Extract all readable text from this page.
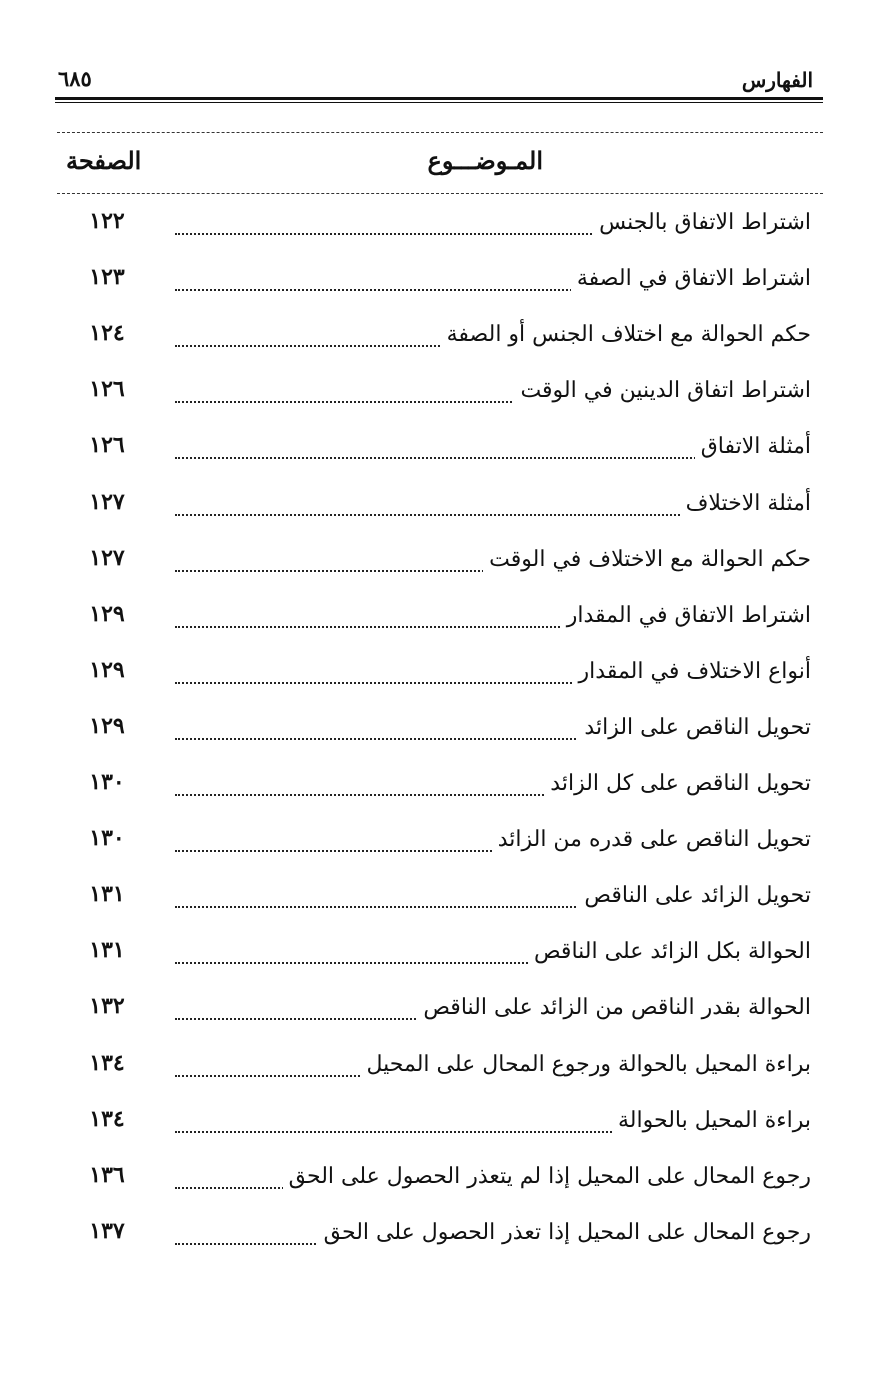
الفهارس
٦٨٥
المـوضـــوع
الصفحة
اشتراط الاتفاق بالجنس
١٢٢
اشتراط الاتفاق في الصفة
١٢٣
حكم الحوالة مع اختلاف الجنس أو الصفة
١٢٤
اشتراط اتفاق الدينين في الوقت
١٢٦
أمثلة الاتفاق
١٢٦
أمثلة الاختلاف
١٢٧
حكم الحوالة مع الاختلاف في الوقت
١٢٧
اشتراط الاتفاق في المقدار
١٢٩
أنواع الاختلاف في المقدار
١٢٩
تحويل الناقص على الزائد
١٢٩
تحويل الناقص على كل الزائد
١٣٠
تحويل الناقص على قدره من الزائد
١٣٠
تحويل الزائد على الناقص
١٣١
الحوالة بكل الزائد على الناقص
١٣١
الحوالة بقدر الناقص من الزائد على الناقص
١٣٢
براءة المحيل بالحوالة ورجوع المحال على المحيل
١٣٤
براءة المحيل بالحوالة
١٣٤
رجوع المحال على المحيل إذا لم يتعذر الحصول على الحق
١٣٦
رجوع المحال على المحيل إذا تعذر الحصول على الحق
١٣٧
